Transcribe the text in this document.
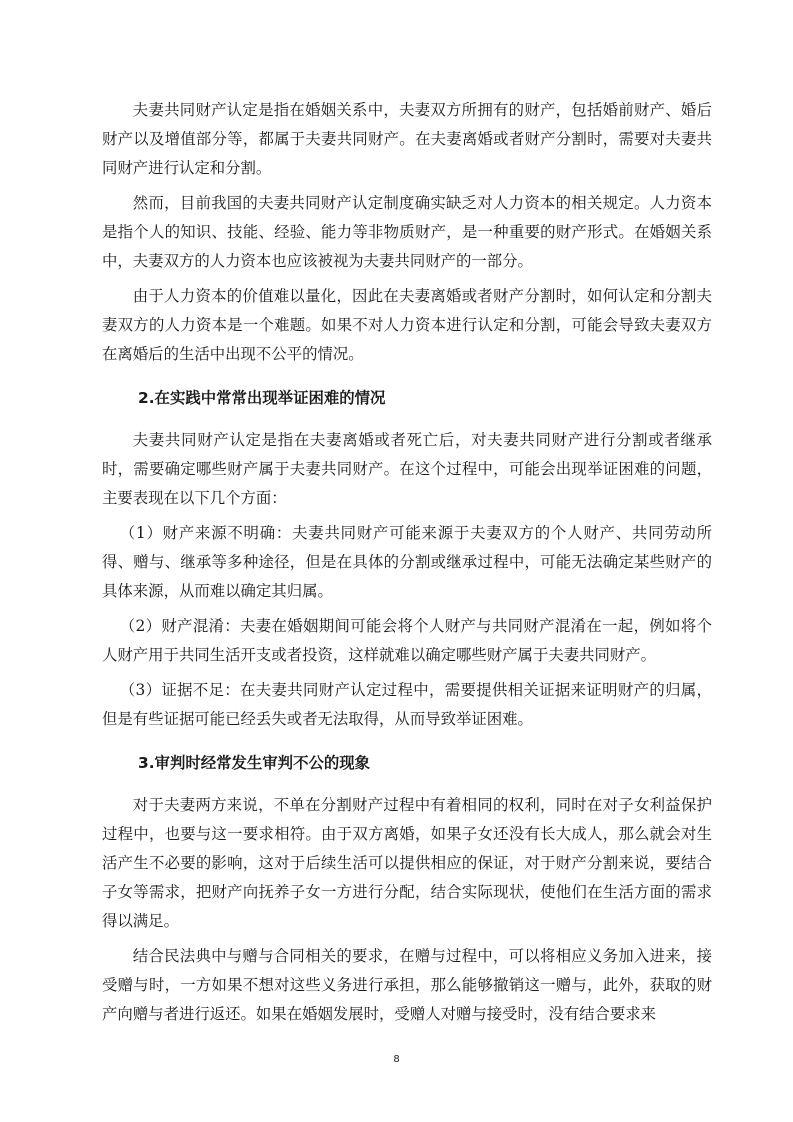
夫妻共同财产认定是指在婚姻关系中，夫妻双方所拥有的财产，包括婚前财产、婚后财产以及增值部分等，都属于夫妻共同财产。在夫妻离婚或者财产分割时，需要对夫妻共同财产进行认定和分割。

然而，目前我国的夫妻共同财产认定制度确实缺乏对人力资本的相关规定。人力资本是指个人的知识、技能、经验、能力等非物质财产，是一种重要的财产形式。在婚姻关系中，夫妻双方的人力资本也应该被视为夫妻共同财产的一部分。

由于人力资本的价值难以量化，因此在夫妻离婚或者财产分割时，如何认定和分割夫妻双方的人力资本是一个难题。如果不对人力资本进行认定和分割，可能会导致夫妻双方在离婚后的生活中出现不公平的情况。

2.在实践中常常出现举证困难的情况

夫妻共同财产认定是指在夫妻离婚或者死亡后，对夫妻共同财产进行分割或者继承时，需要确定哪些财产属于夫妻共同财产。在这个过程中，可能会出现举证困难的问题，主要表现在以下几个方面：

（1）财产来源不明确：夫妻共同财产可能来源于夫妻双方的个人财产、共同劳动所得、赠与、继承等多种途径，但是在具体的分割或继承过程中，可能无法确定某些财产的具体来源，从而难以确定其归属。

（2）财产混淆：夫妻在婚姻期间可能会将个人财产与共同财产混淆在一起，例如将个人财产用于共同生活开支或者投资，这样就难以确定哪些财产属于夫妻共同财产。

（3）证据不足：在夫妻共同财产认定过程中，需要提供相关证据来证明财产的归属，但是有些证据可能已经丢失或者无法取得，从而导致举证困难。

3.审判时经常发生审判不公的现象

对于夫妻两方来说，不单在分割财产过程中有着相同的权利，同时在对子女利益保护过程中，也要与这一要求相符。由于双方离婚，如果子女还没有长大成人，那么就会对生活产生不必要的影响，这对于后续生活可以提供相应的保证，对于财产分割来说，要结合子女等需求，把财产向抚养子女一方进行分配，结合实际现状，使他们在生活方面的需求得以满足。

结合民法典中与赠与合同相关的要求，在赠与过程中，可以将相应义务加入进来，接受赠与时，一方如果不想对这些义务进行承担，那么能够撤销这一赠与，此外，获取的财产向赠与者进行返还。如果在婚姻发展时，受赠人对赠与接受时，没有结合要求来

8
